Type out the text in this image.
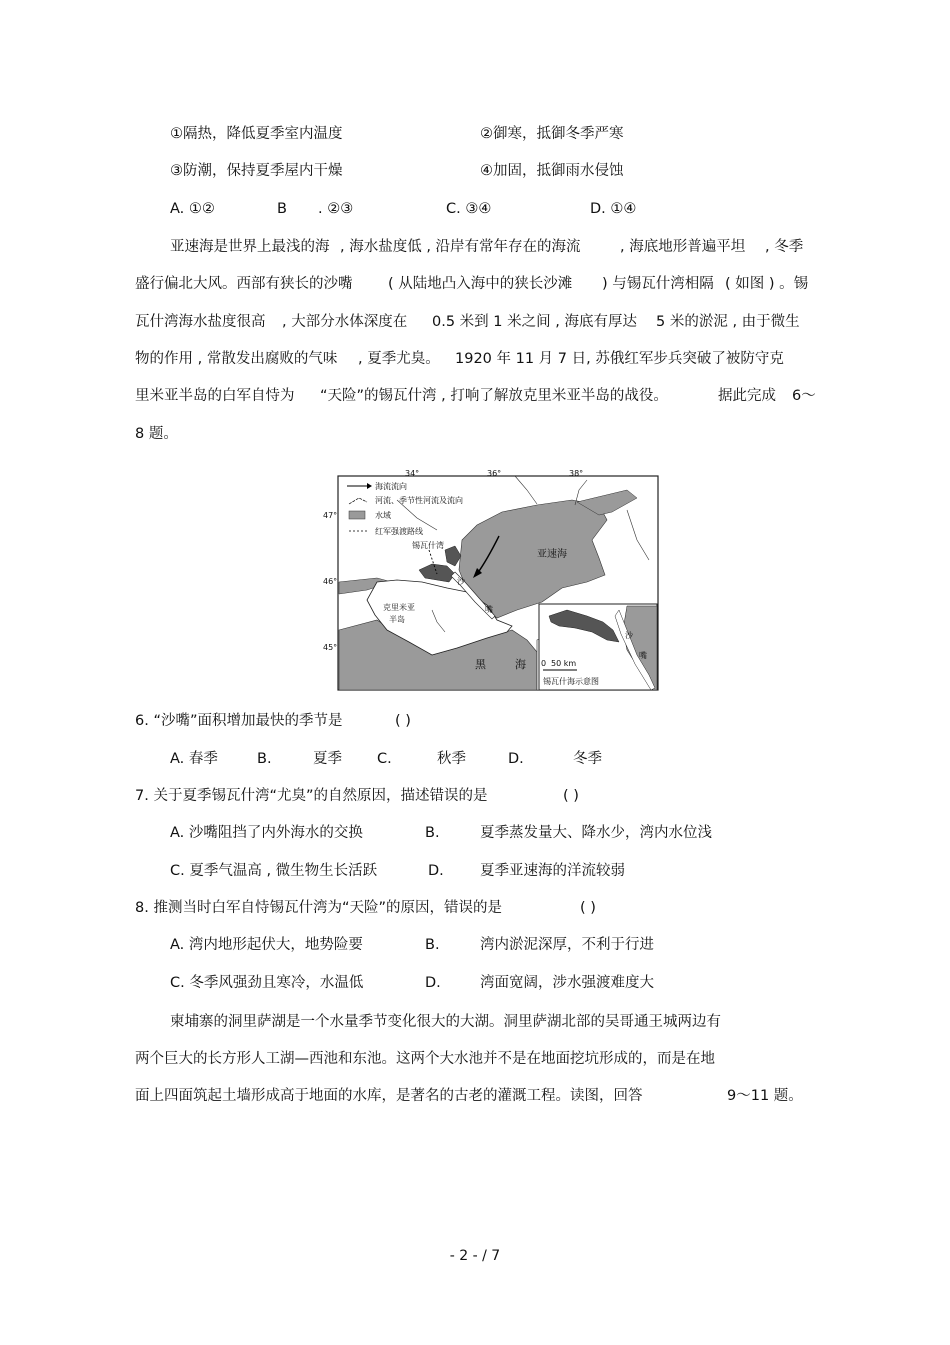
①隔热，降低夏季室内温度	②御寒，抵御冬季严寒
③防潮，保持夏季屋内干燥	④加固，抵御雨水侵蚀
A. ①②	B . ②③	C. ③④	D. ①④
亚速海是世界上最浅的海 , 海水盐度低 , 沿岸有常年存在的海流	, 海底地形普遍平坦 , 冬季
盛行偏北大风。西部有狭长的沙嘴 ( 从陆地凸入海中的狭长沙滩 ) 与锡瓦什湾相隔 ( 如图 ) 。锡
瓦什湾海水盐度很高 , 大部分水体深度在 0.5 米到 1 米之间 , 海底有厚达 5 米的淤泥 , 由于微生
物的作用 , 常散发出腐败的气味 , 夏季尤臭。 1920 年 11 月 7 日, 苏俄红军步兵突破了被防守克
里米亚半岛的白军自恃为 “天险”的锡瓦什湾 , 打响了解放克里米亚半岛的战役。	据此完成 6～
8 题。
34°	36°	38°
47°
46°
45°
海流流向
河流、季节性河流及流向
水域
红军强渡路线
锡瓦什湾
亚速海
沙
嘴
克里米亚
半岛
黑	海
沙
嘴
0 50 km
锡瓦什海示意图
6. “沙嘴”面积增加最快的季节是	( )
A. 春季	B.	夏季 C.	秋季	D.	冬季
7. 关于夏季锡瓦什湾“尤臭”的自然原因，描述错误的是	( )
A. 沙嘴阻挡了内外海水的交换	B.	夏季蒸发量大、降水少，湾内水位浅
C. 夏季气温高 , 微生物生长活跃	D. 夏季亚速海的洋流较弱
8. 推测当时白军自恃锡瓦什湾为“天险”的原因，错误的是	( )
A. 湾内地形起伏大，地势险要	B.	湾内淤泥深厚，不利于行进
C. 冬季风强劲且寒冷，水温低	D.	湾面宽阔，涉水强渡难度大
柬埔寨的洞里萨湖是一个水量季节变化很大的大湖。洞里萨湖北部的吴哥通王城两边有
两个巨大的长方形人工湖—西池和东池。这两个大水池并不是在地面挖坑形成的，而是在地
面上四面筑起土墙形成高于地面的水库，是著名的古老的灌溉工程。读图，回答	9～11 题。
- 2 - / 7
